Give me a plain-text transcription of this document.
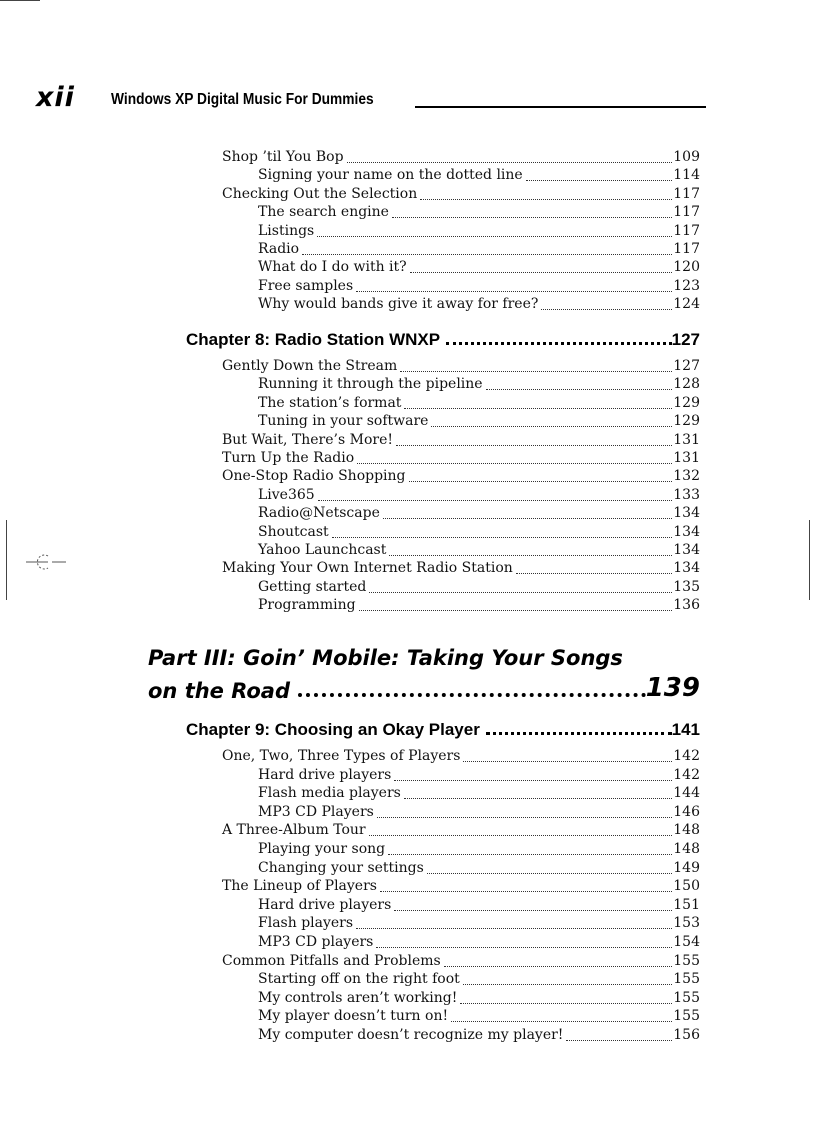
xii Windows XP Digital Music For Dummies
Shop ’til You Bop	109
Signing your name on the dotted line	114
Checking Out the Selection	117
The search engine	117
Listings	117
Radio	117
What do I do with it?	120
Free samples	123
Why would bands give it away for free?	124
Chapter 8: Radio Station WNXP	127
Gently Down the Stream	127
Running it through the pipeline	128
The station’s format	129
Tuning in your software	129
But Wait, There’s More!	131
Turn Up the Radio	131
One-Stop Radio Shopping	132
Live365	133
Radio@Netscape	134
Shoutcast	134
Yahoo Launchcast	134
Making Your Own Internet Radio Station	134
Getting started	135
Programming	136
Part III: Goin’ Mobile: Taking Your Songs
on the Road	139
Chapter 9: Choosing an Okay Player	141
One, Two, Three Types of Players	142
Hard drive players	142
Flash media players	144
MP3 CD Players	146
A Three-Album Tour	148
Playing your song	148
Changing your settings	149
The Lineup of Players	150
Hard drive players	151
Flash players	153
MP3 CD players	154
Common Pitfalls and Problems	155
Starting off on the right foot	155
My controls aren’t working!	155
My player doesn’t turn on!	155
My computer doesn’t recognize my player!	156
